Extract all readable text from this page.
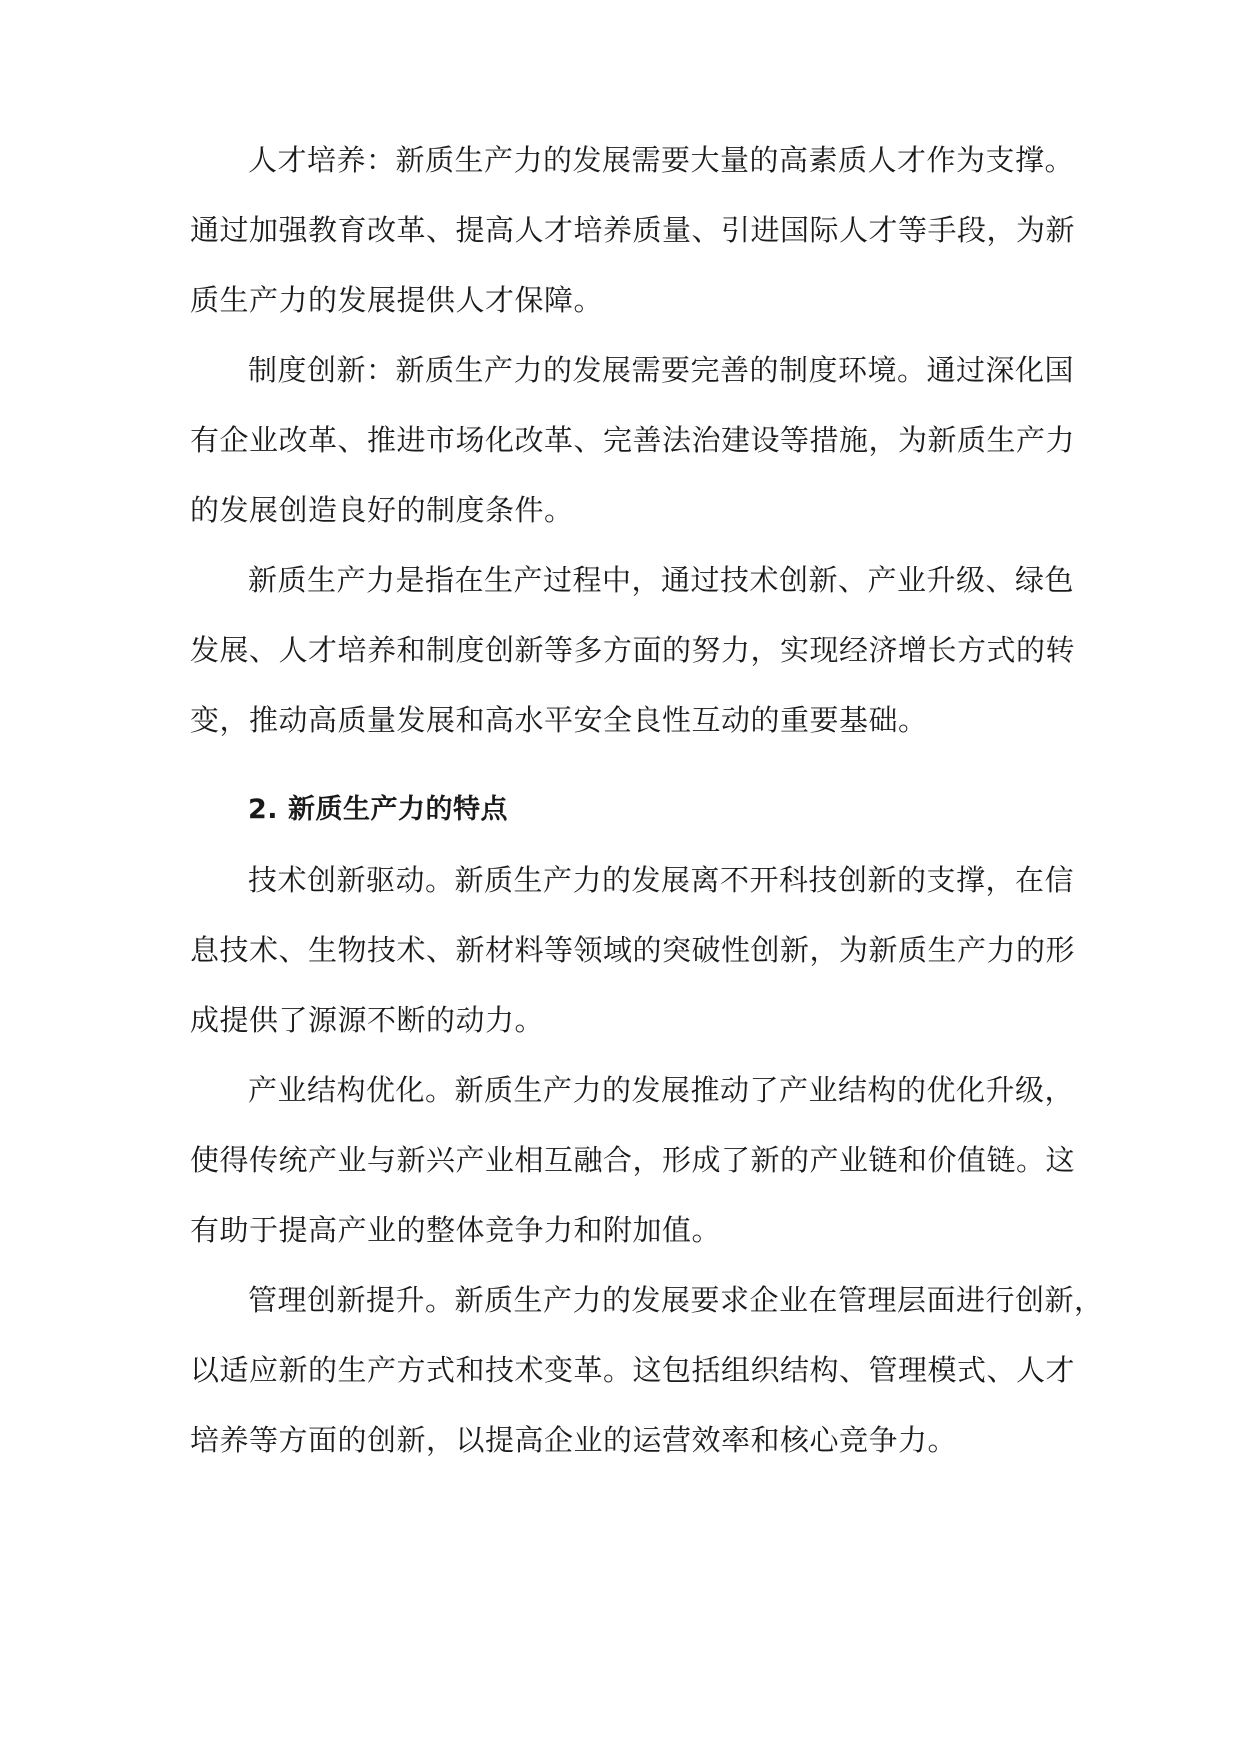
人才培养：新质生产力的发展需要大量的高素质人才作为支撑。
通过加强教育改革、提高人才培养质量、引进国际人才等手段，为新
质生产力的发展提供人才保障。
制度创新：新质生产力的发展需要完善的制度环境。通过深化国
有企业改革、推进市场化改革、完善法治建设等措施，为新质生产力
的发展创造良好的制度条件。
新质生产力是指在生产过程中，通过技术创新、产业升级、绿色
发展、人才培养和制度创新等多方面的努力，实现经济增长方式的转
变，推动高质量发展和高水平安全良性互动的重要基础。
2. 新质生产力的特点
技术创新驱动。新质生产力的发展离不开科技创新的支撑，在信
息技术、生物技术、新材料等领域的突破性创新，为新质生产力的形
成提供了源源不断的动力。
产业结构优化。新质生产力的发展推动了产业结构的优化升级，
使得传统产业与新兴产业相互融合，形成了新的产业链和价值链。这
有助于提高产业的整体竞争力和附加值。
管理创新提升。新质生产力的发展要求企业在管理层面进行创新，
以适应新的生产方式和技术变革。这包括组织结构、管理模式、人才
培养等方面的创新，以提高企业的运营效率和核心竞争力。
